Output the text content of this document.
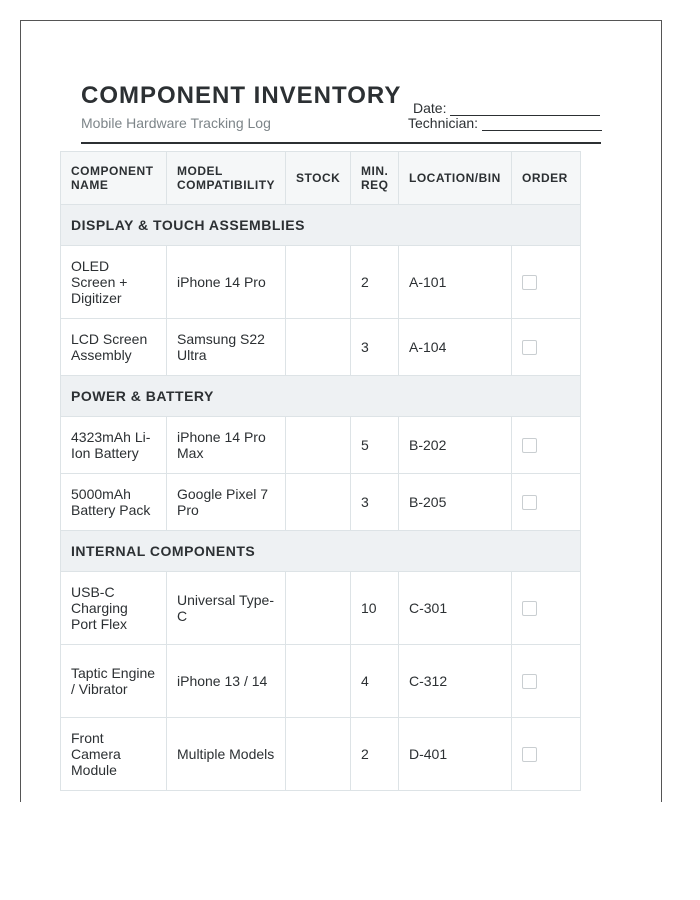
COMPONENT INVENTORY
Mobile Hardware Tracking Log
Date:
Technician:
COMPONENT NAME	MODEL COMPATIBILITY	STOCK	MIN. REQ	LOCATION/BIN	ORDER
DISPLAY & TOUCH ASSEMBLIES					
OLED Screen + Digitizer	iPhone 14 Pro		2	A-101	
LCD Screen Assembly	Samsung S22 Ultra		3	A-104	
POWER & BATTERY					
4323mAh Li-Ion Battery	iPhone 14 Pro Max		5	B-202	
5000mAh Battery Pack	Google Pixel 7 Pro		3	B-205	
INTERNAL COMPONENTS					
USB-C Charging Port Flex	Universal Type-C		10	C-301	
Taptic Engine / Vibrator	iPhone 13 / 14		4	C-312	
Front Camera Module	Multiple Models		2	D-401	
